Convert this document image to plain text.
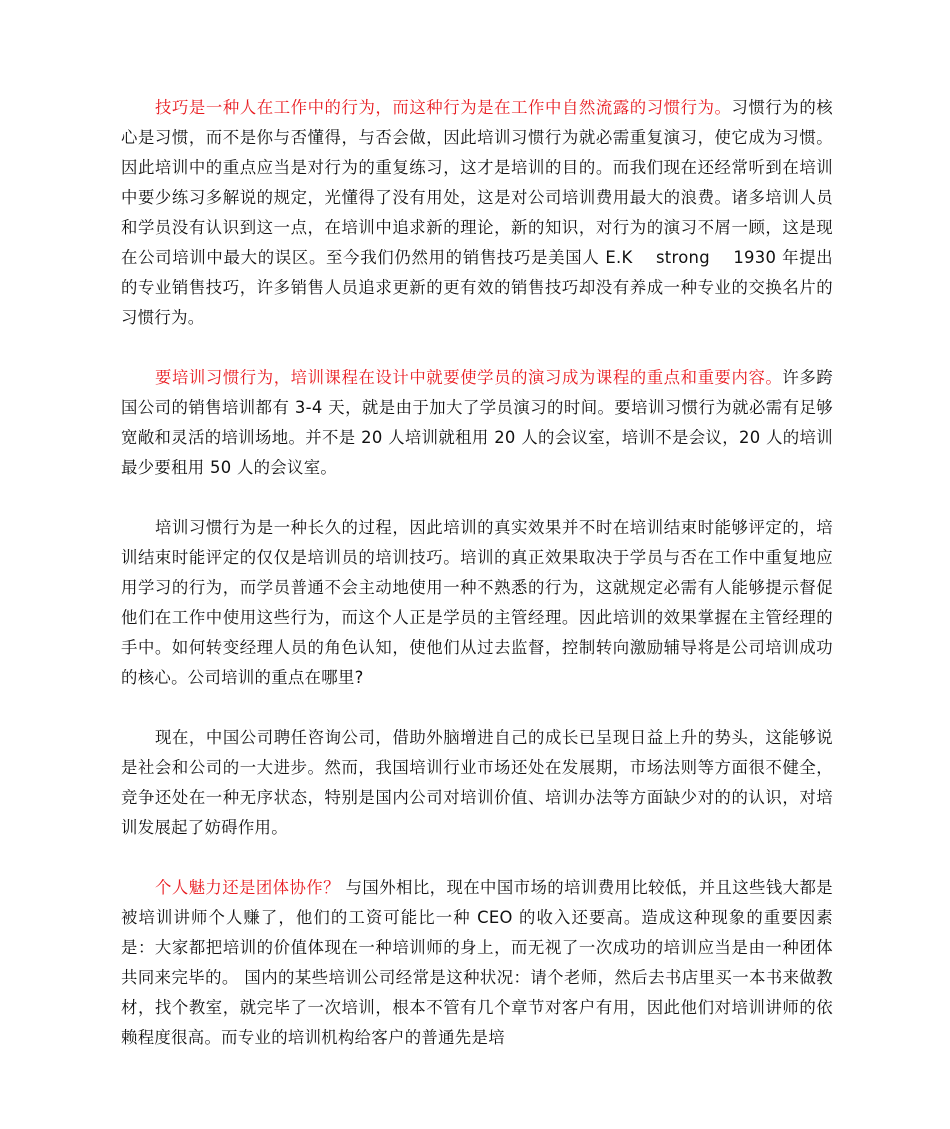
技巧是一种人在工作中的行为，而这种行为是在工作中自然流露的习惯行为。习惯行为的核心是习惯，而不是你与否懂得，与否会做，因此培训习惯行为就必需重复演习，使它成为习惯。因此培训中的重点应当是对行为的重复练习，这才是培训的目的。而我们现在还经常听到在培训中要少练习多解说的规定，光懂得了没有用处，这是对公司培训费用最大的浪费。诸多培训人员和学员没有认识到这一点，在培训中追求新的理论，新的知识，对行为的演习不屑一顾，这是现在公司培训中最大的误区。至今我们仍然用的销售技巧是美国人 E.K　 strong　 1930 年提出的专业销售技巧，许多销售人员追求更新的更有效的销售技巧却没有养成一种专业的交换名片的习惯行为。

要培训习惯行为，培训课程在设计中就要使学员的演习成为课程的重点和重要内容。许多跨国公司的销售培训都有 3-4 天，就是由于加大了学员演习的时间。要培训习惯行为就必需有足够宽敞和灵活的培训场地。并不是 20 人培训就租用 20 人的会议室，培训不是会议，20 人的培训最少要租用 50 人的会议室。

培训习惯行为是一种长久的过程，因此培训的真实效果并不时在培训结束时能够评定的，培训结束时能评定的仅仅是培训员的培训技巧。培训的真正效果取决于学员与否在工作中重复地应用学习的行为，而学员普通不会主动地使用一种不熟悉的行为，这就规定必需有人能够提示督促他们在工作中使用这些行为，而这个人正是学员的主管经理。因此培训的效果掌握在主管经理的手中。如何转变经理人员的角色认知，使他们从过去监督，控制转向激励辅导将是公司培训成功的核心。公司培训的重点在哪里?

现在，中国公司聘任咨询公司，借助外脑增进自己的成长已呈现日益上升的势头，这能够说是社会和公司的一大进步。然而，我国培训行业市场还处在发展期，市场法则等方面很不健全，竞争还处在一种无序状态，特别是国内公司对培训价值、培训办法等方面缺少对的的认识，对培训发展起了妨碍作用。

个人魅力还是团体协作？ 与国外相比，现在中国市场的培训费用比较低，并且这些钱大都是被培训讲师个人赚了，他们的工资可能比一种 CEO 的收入还要高。造成这种现象的重要因素是：大家都把培训的价值体现在一种培训师的身上，而无视了一次成功的培训应当是由一种团体共同来完毕的。 国内的某些培训公司经常是这种状况：请个老师，然后去书店里买一本书来做教材，找个教室，就完毕了一次培训，根本不管有几个章节对客户有用，因此他们对培训讲师的依赖程度很高。而专业的培训机构给客户的普通先是培
